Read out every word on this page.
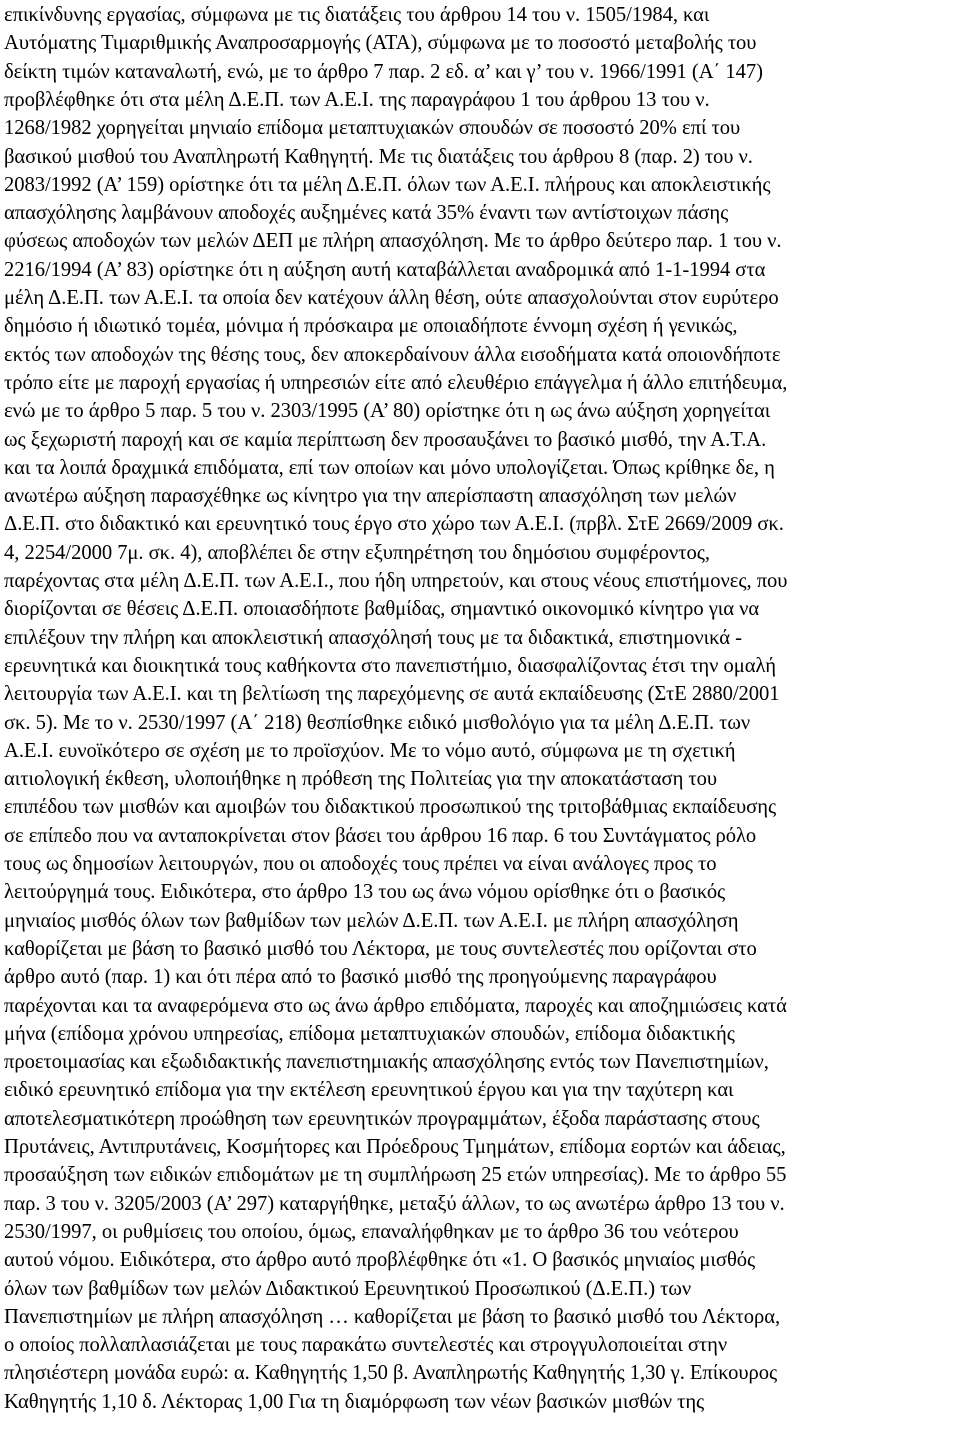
επικίνδυνης εργασίας, σύμφωνα με τις διατάξεις του άρθρου 14 του ν. 1505/1984, και
Αυτόματης Τιμαριθμικής Αναπροσαρμογής (ΑΤΑ), σύμφωνα με το ποσοστό μεταβολής του
δείκτη τιμών καταναλωτή, ενώ, με το άρθρο 7 παρ. 2 εδ. α’ και γ’ του ν. 1966/1991 (Α΄ 147)
προβλέφθηκε ότι στα μέλη Δ.Ε.Π. των Α.Ε.Ι. της παραγράφου 1 του άρθρου 13 του ν.
1268/1982 χορηγείται μηνιαίο επίδομα μεταπτυχιακών σπουδών σε ποσοστό 20% επί του
βασικού μισθού του Αναπληρωτή Καθηγητή. Με τις διατάξεις του άρθρου 8 (παρ. 2) του ν.
2083/1992 (Α’ 159) ορίστηκε ότι τα μέλη Δ.Ε.Π. όλων των Α.Ε.Ι. πλήρους και αποκλειστικής
απασχόλησης λαμβάνουν αποδοχές αυξημένες κατά 35% έναντι των αντίστοιχων πάσης
φύσεως αποδοχών των μελών ΔΕΠ με πλήρη απασχόληση. Με το άρθρο δεύτερο παρ. 1 του ν.
2216/1994 (Α’ 83) ορίστηκε ότι η αύξηση αυτή καταβάλλεται αναδρομικά από 1-1-1994 στα
μέλη Δ.Ε.Π. των Α.Ε.Ι. τα οποία δεν κατέχουν άλλη θέση, ούτε απασχολούνται στον ευρύτερο
δημόσιο ή ιδιωτικό τομέα, μόνιμα ή πρόσκαιρα με οποιαδήποτε έννομη σχέση ή γενικώς,
εκτός των αποδοχών της θέσης τους, δεν αποκερδαίνουν άλλα εισοδήματα κατά οποιονδήποτε
τρόπο είτε με παροχή εργασίας ή υπηρεσιών είτε από ελευθέριο επάγγελμα ή άλλο επιτήδευμα,
ενώ με το άρθρο 5 παρ. 5 του ν. 2303/1995 (Α’ 80) ορίστηκε ότι η ως άνω αύξηση χορηγείται
ως ξεχωριστή παροχή και σε καμία περίπτωση δεν προσαυξάνει το βασικό μισθό, την Α.Τ.Α.
και τα λοιπά δραχμικά επιδόματα, επί των οποίων και μόνο υπολογίζεται. Όπως κρίθηκε δε, η
ανωτέρω αύξηση παρασχέθηκε ως κίνητρο για την απερίσπαστη απασχόληση των μελών
Δ.Ε.Π. στο διδακτικό και ερευνητικό τους έργο στο χώρο των Α.Ε.Ι. (πρβλ. ΣτΕ 2669/2009 σκ.
4, 2254/2000 7μ. σκ. 4), αποβλέπει δε στην εξυπηρέτηση του δημόσιου συμφέροντος,
παρέχοντας στα μέλη Δ.Ε.Π. των Α.Ε.Ι., που ήδη υπηρετούν, και στους νέους επιστήμονες, που
διορίζονται σε θέσεις Δ.Ε.Π. οποιασδήποτε βαθμίδας, σημαντικό οικονομικό κίνητρο για να
επιλέξουν την πλήρη και αποκλειστική απασχόλησή τους με τα διδακτικά, επιστημονικά -
ερευνητικά και διοικητικά τους καθήκοντα στο πανεπιστήμιο, διασφαλίζοντας έτσι την ομαλή
λειτουργία των Α.Ε.Ι. και τη βελτίωση της παρεχόμενης σε αυτά εκπαίδευσης (ΣτΕ 2880/2001
σκ. 5). Με το ν. 2530/1997 (Α΄ 218) θεσπίσθηκε ειδικό μισθολόγιο για τα μέλη Δ.Ε.Π. των
Α.Ε.Ι. ευνοϊκότερο σε σχέση με το προϊσχύον. Με το νόμο αυτό, σύμφωνα με τη σχετική
αιτιολογική έκθεση, υλοποιήθηκε η πρόθεση της Πολιτείας για την αποκατάσταση του
επιπέδου των μισθών και αμοιβών του διδακτικού προσωπικού της τριτοβάθμιας εκπαίδευσης
σε επίπεδο που να ανταποκρίνεται στον βάσει του άρθρου 16 παρ. 6 του Συντάγματος ρόλο
τους ως δημοσίων λειτουργών, που οι αποδοχές τους πρέπει να είναι ανάλογες προς το
λειτούργημά τους. Ειδικότερα, στο άρθρο 13 του ως άνω νόμου ορίσθηκε ότι ο βασικός
μηνιαίος μισθός όλων των βαθμίδων των μελών Δ.Ε.Π. των Α.Ε.Ι. με πλήρη απασχόληση
καθορίζεται με βάση το βασικό μισθό του Λέκτορα, με τους συντελεστές που ορίζονται στο
άρθρο αυτό (παρ. 1) και ότι πέρα από το βασικό μισθό της προηγούμενης παραγράφου
παρέχονται και τα αναφερόμενα στο ως άνω άρθρο επιδόματα, παροχές και αποζημιώσεις κατά
μήνα (επίδομα χρόνου υπηρεσίας, επίδομα μεταπτυχιακών σπουδών, επίδομα διδακτικής
προετοιμασίας και εξωδιδακτικής πανεπιστημιακής απασχόλησης εντός των Πανεπιστημίων,
ειδικό ερευνητικό επίδομα για την εκτέλεση ερευνητικού έργου και για την ταχύτερη και
αποτελεσματικότερη προώθηση των ερευνητικών προγραμμάτων, έξοδα παράστασης στους
Πρυτάνεις, Αντιπρυτάνεις, Κοσμήτορες και Πρόεδρους Τμημάτων, επίδομα εορτών και άδειας,
προσαύξηση των ειδικών επιδομάτων με τη συμπλήρωση 25 ετών υπηρεσίας). Με το άρθρο 55
παρ. 3 του ν. 3205/2003 (Α’ 297) καταργήθηκε, μεταξύ άλλων, το ως ανωτέρω άρθρο 13 του ν.
2530/1997, οι ρυθμίσεις του οποίου, όμως, επαναλήφθηκαν με το άρθρο 36 του νεότερου
αυτού νόμου. Ειδικότερα, στο άρθρο αυτό προβλέφθηκε ότι «1. Ο βασικός μηνιαίος μισθός
όλων των βαθμίδων των μελών Διδακτικού Ερευνητικού Προσωπικού (Δ.Ε.Π.) των
Πανεπιστημίων με πλήρη απασχόληση … καθορίζεται με βάση το βασικό μισθό του Λέκτορα,
ο οποίος πολλαπλασιάζεται με τους παρακάτω συντελεστές και στρογγυλοποιείται στην
πλησιέστερη μονάδα ευρώ: α. Καθηγητής 1,50 β. Αναπληρωτής Καθηγητής 1,30 γ. Επίκουρος
Καθηγητής 1,10 δ. Λέκτορας 1,00 Για τη διαμόρφωση των νέων βασικών μισθών της
